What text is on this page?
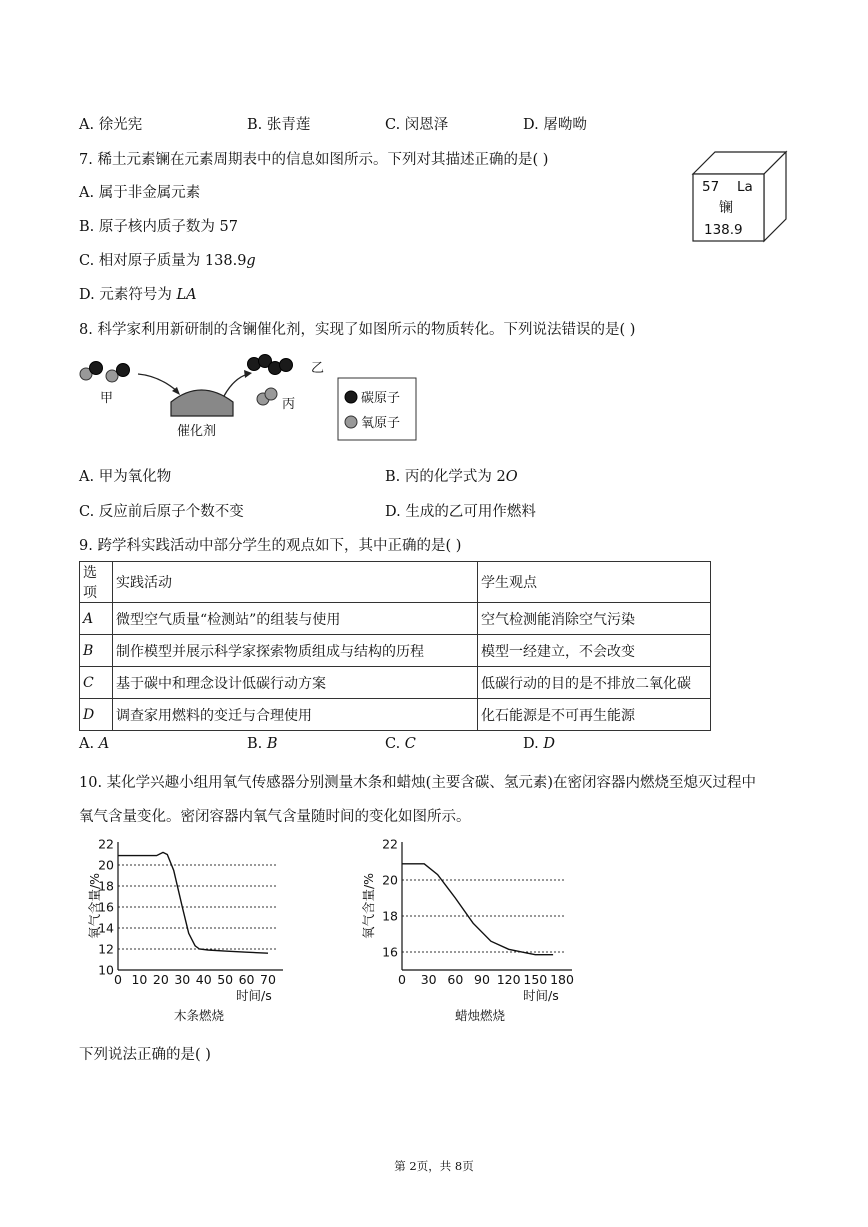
A. 徐光宪	B. 张青莲	C. 闵恩泽	D. 屠呦呦
7. 稀土元素镧在元素周期表中的信息如图所示。下列对其描述正确的是( )
A. 属于非金属元素
B. 原子核内质子数为 57
C. 相对原子质量为 138.9g
D. 元素符号为 LA
57 La
镧
138.9
8. 科学家利用新研制的含镧催化剂，实现了如图所示的物质转化。下列说法错误的是( )
甲
催化剂
乙
丙	碳原子
氧原子
A. 甲为氧化物	B. 丙的化学式为 2O
C. 反应前后原子个数不变	D. 生成的乙可用作燃料
9. 跨学科实践活动中部分学生的观点如下，其中正确的是( )
选项	实践活动	学生观点
A	微型空气质量“检测站”的组装与使用	空气检测能消除空气污染
B	制作模型并展示科学家探索物质组成与结构的历程	模型一经建立，不会改变
C	基于碳中和理念设计低碳行动方案	低碳行动的目的是不排放二氧化碳
D	调查家用燃料的变迁与合理使用	化石能源是不可再生能源
A. A	B. B	C. C	D. D
10. 某化学兴趣小组用氧气传感器分别测量木条和蜡烛(主要含碳、氢元素)在密闭容器内燃烧至熄灭过程中
氧气含量变化。密闭容器内氧气含量随时间的变化如图所示。
10
12
14
16
18
20
22
0 10 20 30 40 50 60 70
氧气含量/%
时间/s
木条燃烧
16
18
20
22
0 30 60 90 120 150 180
氧气含量/%
时间/s
蜡烛燃烧
下列说法正确的是( )
第 2页，共 8页
